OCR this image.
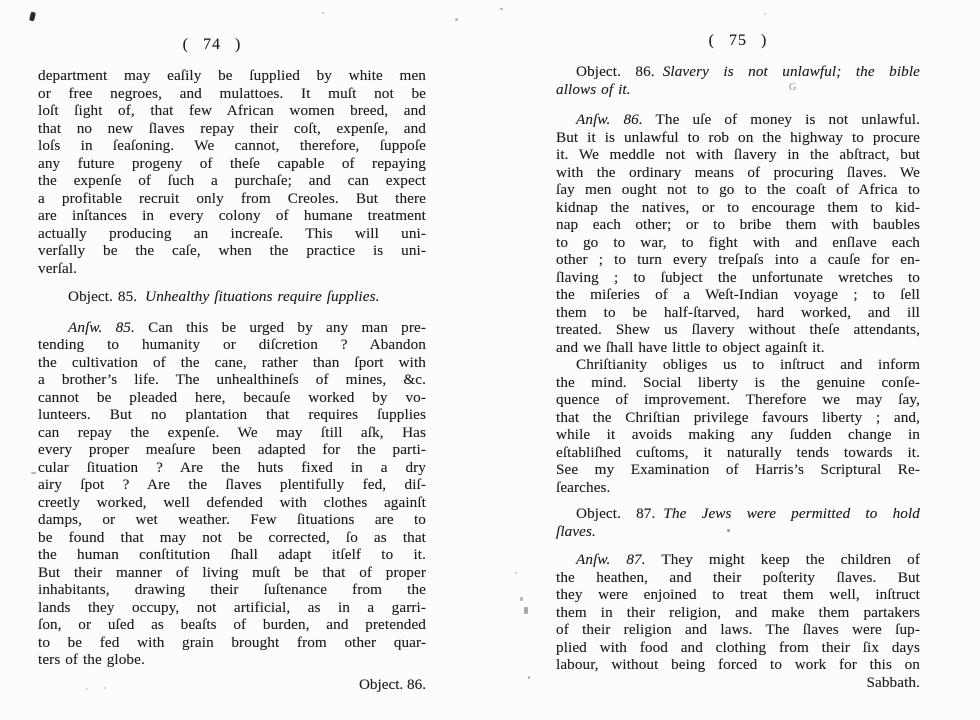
( 74 )
department may eaſily be ſupplied by white men
or free negroes, and mulattoes. It muſt not be
loſt ſight of, that few African women breed, and
that no new ſlaves repay their coſt, expenſe, and
loſs in ſeaſoning. We cannot, therefore, ſuppoſe
any future progeny of theſe capable of repaying
the expenſe of ſuch a purchaſe; and can expect
a profitable recruit only from Creoles. But there
are inſtances in every colony of humane treatment
actually producing an increaſe. This will uni-
verſally be the caſe, when the practice is uni-
verſal.
Object. 85. Unhealthy ſituations require ſupplies.
Anſw. 85. Can this be urged by any man pre-
tending to humanity or diſcretion ? Abandon
the cultivation of the cane, rather than ſport with
a brother’s life. The unhealthineſs of mines, &c.
cannot be pleaded here, becauſe worked by vo-
lunteers. But no plantation that requires ſupplies
can repay the expenſe. We may ſtill aſk, Has
every proper meaſure been adapted for the parti-
cular ſituation ? Are the huts fixed in a dry
airy ſpot ? Are the ſlaves plentifully fed, diſ-
creetly worked, well defended with clothes againſt
damps, or wet weather. Few ſituations are to
be found that may not be corrected, ſo as that
the human conſtitution ſhall adapt itſelf to it.
But their manner of living muſt be that of proper
inhabitants, drawing their ſuſtenance from the
lands they occupy, not artificial, as in a garri-
ſon, or uſed as beaſts of burden, and pretended
to be fed with grain brought from other quar-
ters of the globe.
Object. 86.
( 75 )
Object. 86. Slavery is not unlawful; the bible
allows of it.
Anſw. 86. The uſe of money is not unlawful.
But it is unlawful to rob on the highway to procure
it. We meddle not with ſlavery in the abſtract, but
with the ordinary means of procuring ſlaves. We
ſay men ought not to go to the coaſt of Africa to
kidnap the natives, or to encourage them to kid-
nap each other; or to bribe them with baubles
to go to war, to fight with and enſlave each
other ; to turn every treſpaſs into a cauſe for en-
ſlaving ; to ſubject the unfortunate wretches to
the miſeries of a Weſt-Indian voyage ; to ſell
them to be half-ſtarved, hard worked, and ill
treated. Shew us ſlavery without theſe attendants,
and we ſhall have little to object againſt it.
Chriſtianity obliges us to inſtruct and inform
the mind. Social liberty is the genuine conſe-
quence of improvement. Therefore we may ſay,
that the Chriſtian privilege favours liberty ; and,
while it avoids making any ſudden change in
eſtabliſhed cuſtoms, it naturally tends towards it.
See my Examination of Harris’s Scriptural Re-
ſearches.
Object. 87. The Jews were permitted to hold
ſlaves.
Anſw. 87. They might keep the children of
the heathen, and their poſterity ſlaves. But
they were enjoined to treat them well, inſtruct
them in their religion, and make them partakers
of their religion and laws. The ſlaves were ſup-
plied with food and clothing from their ſix days
labour, without being forced to work for this on
Sabbath.
G
